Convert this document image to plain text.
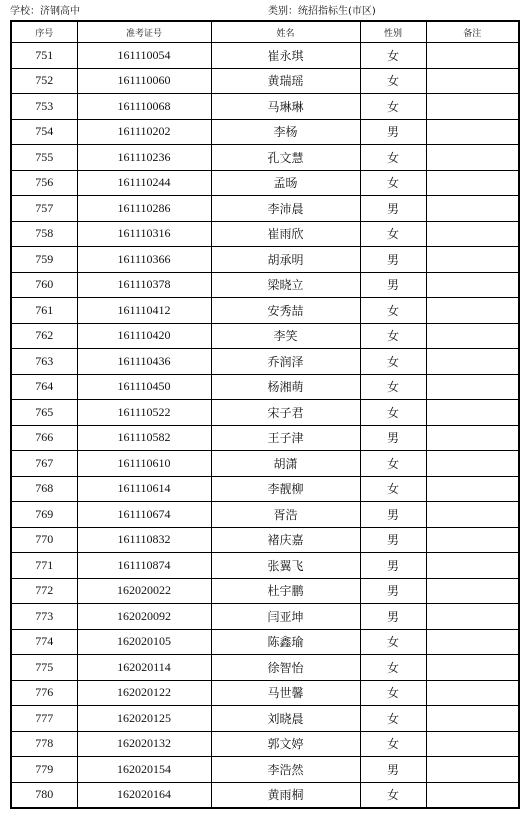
学校：济钢高中	类别：统招指标生(市区)
序号	准考证号	姓名	性别	备注
751	161110054	崔永琪	女	
752	161110060	黄瑞瑶	女	
753	161110068	马琳琳	女	
754	161110202	李杨	男	
755	161110236	孔文慧	女	
756	161110244	孟旸	女	
757	161110286	李沛晨	男	
758	161110316	崔雨欣	女	
759	161110366	胡承明	男	
760	161110378	梁晓立	男	
761	161110412	安秀喆	女	
762	161110420	李笑	女	
763	161110436	乔润泽	女	
764	161110450	杨湘萌	女	
765	161110522	宋子君	女	
766	161110582	王子津	男	
767	161110610	胡潇	女	
768	161110614	李靓柳	女	
769	161110674	胥浩	男	
770	161110832	褚庆嘉	男	
771	161110874	张翼飞	男	
772	162020022	杜宇鹏	男	
773	162020092	闫亚坤	男	
774	162020105	陈鑫瑜	女	
775	162020114	徐智怡	女	
776	162020122	马世馨	女	
777	162020125	刘晓晨	女	
778	162020132	郭文婷	女	
779	162020154	李浩然	男	
780	162020164	黄雨桐	女	
